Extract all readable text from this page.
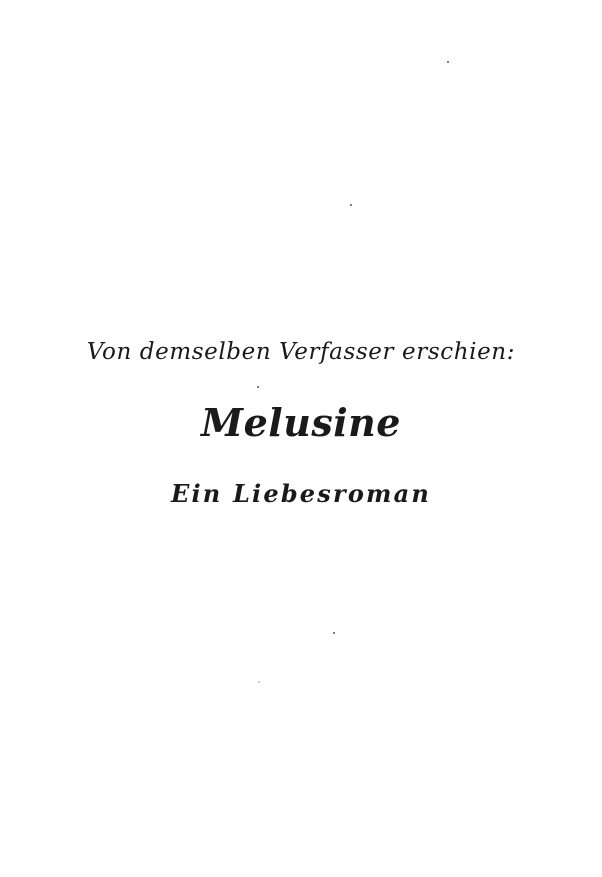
Von demselben Verfasser erschien:
Melusine
Ein Liebesroman
